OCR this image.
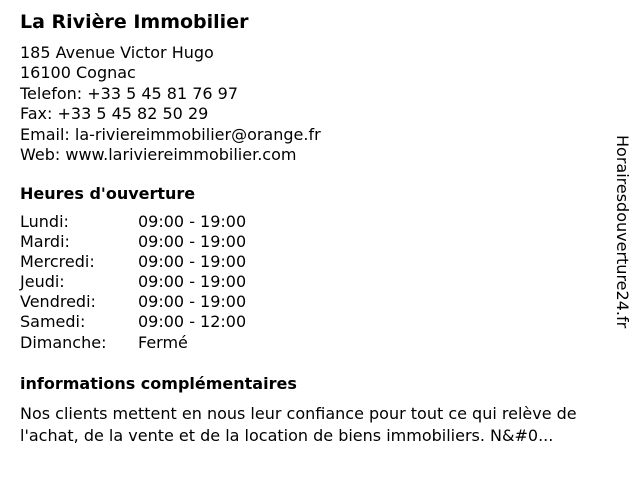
La Rivière Immobilier
185 Avenue Victor Hugo
16100 Cognac
Telefon: +33 5 45 81 76 97
Fax: +33 5 45 82 50 29
Email: la-riviereimmobilier@orange.fr
Web: www.lariviereimmobilier.com
Heures d'ouverture
Lundi:	09:00 - 19:00
Mardi:	09:00 - 19:00
Mercredi:	09:00 - 19:00
Jeudi:	09:00 - 19:00
Vendredi:	09:00 - 19:00
Samedi:	09:00 - 12:00
Dimanche:	Fermé
informations complémentaires
Nos clients mettent en nous leur confiance pour tout ce qui relève de
l'achat, de la vente et de la location de biens immobiliers. N&#0...
Horairesdouverture24.fr
